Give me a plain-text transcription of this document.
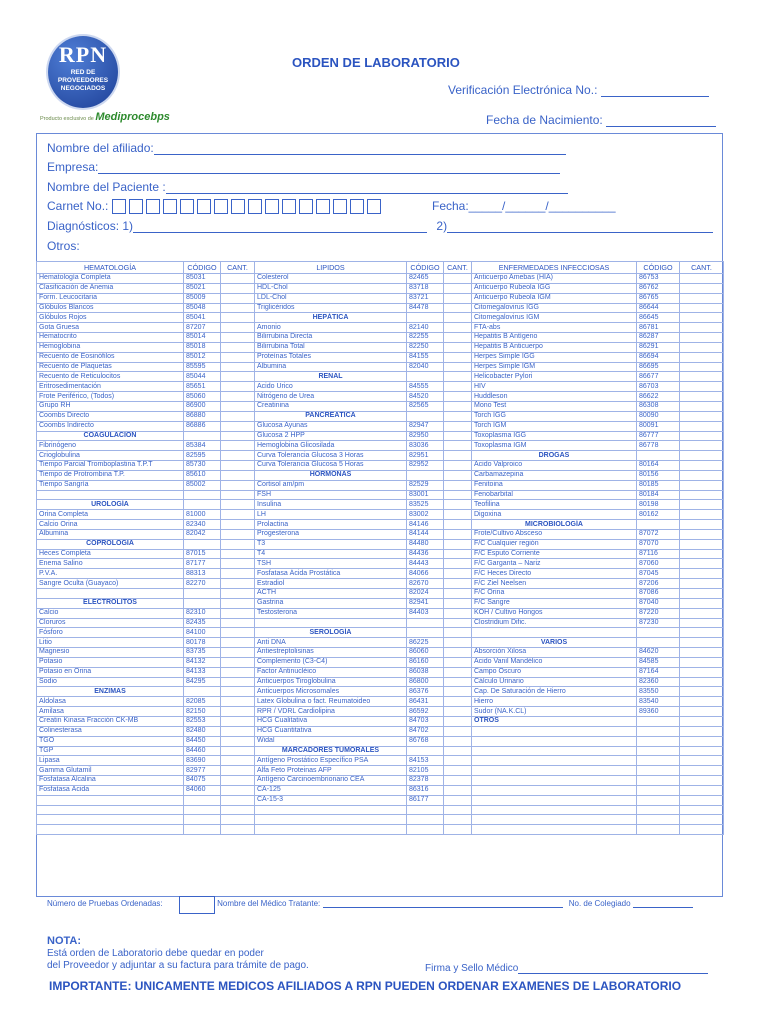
RPN
RED DE
PROVEEDORES
NEGOCIADOS
Producto exclusivo de Mediprocebps
ORDEN DE LABORATORIO
Verificación Electrónica No.:
Fecha de Nacimiento:
Nombre del afiliado:
Empresa:
Nombre del Paciente :
Carnet No.:	Fecha:_____/______/__________
Diagnósticos: 1)	2)
Otros:
HEMATOLOGÍA	CÓDIGO	CANT.	LIPIDOS	CÓDIGO	CANT.	ENFERMEDADES INFECCIOSAS	CÓDIGO	CANT.
Hematología Completa	85031		Colesterol	82465		Anticuerpo Amebas (HIA)	86753	
Clasificación de Anemia	85021		HDL-Chol	83718		Anticuerpo Rubeola IGG	86762	
Form. Leucocitaria	85009		LDL-Chol	83721		Anticuerpo Rubeola IGM	86765	
Glóbulos Blancos	85048		Triglicéridos	84478		Citomegalovirus IGG	86644	
Glóbulos Rojos	85041		HEPÁTICA			Citomegalovirus IGM	86645	
Gota Gruesa	87207		Amonio	82140		FTA-abs	86781	
Hematocrito	85014		Bilirrubina Directa	82255		Hepatitis B Antígeno	86287	
Hemoglobina	85018		Bilirrubina Total	82250		Hepatitis B Anticuerpo	86291	
Recuento de Eosinófilos	85012		Proteínas Totales	84155		Herpes Simple IGG	86694	
Recuento de Plaquetas	85595		Albumina	82040		Herpes Simple IGM	86695	
Recuento de Reticulocitos	85044		RENAL			Helicobacter Pylori	86677	
Eritrosedimentación	85651		Acido Urico	84555		HIV	86703	
Frote Periférico, (Todos)	85060		Nitrógeno de Urea	84520		Huddleson	86622	
Grupo RH	86900		Creatinina	82565		Mono Test	86308	
Coombs Directo	86880		PANCREÁTICA			Torch IGG	80090	
Coombs Indirecto	86886		Glucosa Ayunas	82947		Torch IGM	80091	
COAGULACIÓN			Glucosa 2 HPP	82950		Toxoplasma IGG	86777	
Fibrinógeno	85384		Hemoglobina Glicosilada	83036		Toxoplasma IGM	86778	
Crioglobulina	82595		Curva Tolerancia Glucosa 3 Horas	82951		DROGAS		
Tiempo Parcial Tromboplastina T.P.T	85730		Curva Tolerancia Glucosa 5 Horas	82952		Acido Valproico	80164	
Tiempo de Protrombina T.P.	85610		HORMONAS			Carbamazepina	80156	
Tiempo Sangría	85002		Cortisol am/pm	82529		Fenitoina	80185	
			FSH	83001		Fenobarbital	80184	
UROLOGÍA			Insulina	83525		Teofilina	80198	
Orina Completa	81000		LH	83002		Digoxina	80162	
Calcio Orina	82340		Prolactina	84146		MICROBIOLOGÍA		
Albumina	82042		Progesterona	84144		Frote/Cultivo Absceso	87072	
COPROLOGÍA			T3	84480		F/C Cualquier región	87070	
Heces Completa	87015		T4	84436		F/C Esputo Corriente	87116	
Enema Salino	87177		TSH	84443		F/C Garganta – Nariz	87060	
P.V.A.	88313		Fosfatasa Ácida Prostática	84066		F/C Heces Directo	87045	
Sangre Oculta (Guayaco)	82270		Estradiol	82670		F/C Ziel Neelsen	87206	
			ACTH	82024		F/C Orina	87086	
ELECTROLITOS			Gastrina	82941		F/C Sangre	87040	
Calcio	82310		Testosterona	84403		KOH / Cultivo Hongos	87220	
Cloruros	82435					Clostridium Dific.	87230	
Fósforo	84100		SEROLOGÍA					
Litio	80178		Anti DNA	86225		VARIOS		
Magnesio	83735		Antiestreptolisinas	86060		Absorción Xilosa	84620	
Potasio	84132		Complemento (C3-C4)	86160		Acido Vanil Mandélico	84585	
Potasio en Orina	84133		Factor Antinucléico	86038		Campo Oscuro	87164	
Sodio	84295		Anticuerpos Tiroglobulina	86800		Cálculo Urinario	82360	
ENZIMAS			Anticuerpos Microsomales	86376		Cap. De Saturación de Hierro	83550	
Aldolasa	82085		Latex Globulina o fact. Reumatoideo	86431		Hierro	83540	
Amilasa	82150		RPR / VDRL Cardiolipina	86592		Sudor (NA.K.CL)	89360	
Creatin Kinasa Fracción CK-MB	82553		HCG Cualitativa	84703		OTROS		
Colinesterasa	82480		HCG Cuantitativa	84702				
TGO	84450		Widal	86768				
TGP	84460		MARCADORES TUMORALES					
Lipasa	83690		Antígeno Prostático Específico PSA	84153				
Gamma Glutamil	82977		Alfa Feto Proteinas AFP	82105				
Fosfatasa Alcalina	84075		Antígeno Carcinoembrionario CEA	82378				
Fosfatasa Ácida	84060		CA-125	86316				
			CA-15-3	86177				

Número de Pruebas Ordenadas:	Nombre del Médico Tratante:	No. de Colegiado
NOTA:
Está orden de Laboratorio debe quedar en poder
del Proveedor y adjuntar a su factura para trámite de pago.	Firma y Sello Médico
IMPORTANTE: UNICAMENTE MEDICOS AFILIADOS A RPN PUEDEN ORDENAR EXAMENES DE LABORATORIO
